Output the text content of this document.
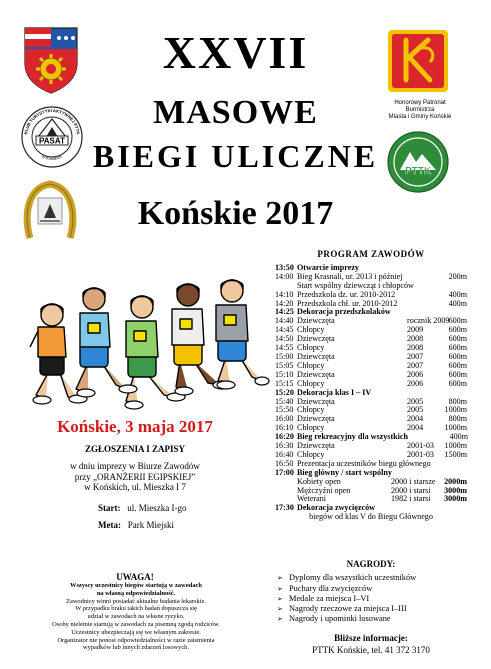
PASAT
KLUB TURYSTYKI AKTYWNEJ PTTK
w Końskich
Honorowy Patronat
Burmistrza
Miasta i Gminy Końskie
PTTK
XXVII
MASOWE
BIEGI ULICZNE
Końskie 2017
PROGRAM ZAWODÓW
13:50 Otwarcie imprezy
14:00 Bieg Krasnali, ur. 2013 i później	200m
Start wspólny dziewcząt i chłopców
14:10 Przedszkola dz. ur. 2010-2012	400m
14:20 Przedszkola chł. ur. 2010-2012	400m
14:25 Dekoracja przedszkolaków
14:40 Dziewczęta	rocznik 2009 600m
14:45 Chłopcy	2009	600m
14:50 Dziewczęta	2008	600m
14:55 Chłopcy	2008	600m
15:00 Dziewczęta	2007	600m
15:05 Chłopcy	2007	600m
15:10 Dziewczęta	2006	600m
15:15 Chłopcy	2006	600m
15:20 Dekoracja klas I – IV
15:40 Dziewczęta	2005	800m
15:50 Chłopcy	2005	1000m
16:00 Dziewczęta	2004	800m
16:10 Chłopcy	2004	1000m
16:20 Bieg rekreacyjny dla wszystkich	400m
16:30 Dziewczęta	2001-03	1000m
16:40 Chłopcy	2001-03	1500m
16:50 Prezentacja uczestników biegu głównego
17:00 Bieg główny / start wspólny
Kobiety open	2000 i starsze	2000m
Mężczyźni open	2000 i starsi	3000m
Weterani	1982 i starsi	3000m
17:30 Dekoracja zwycięzców
biegów od klas V do Biegu Głównego
NAGRODY:
➢ Dyplomy dla wszystkich uczestników
➢ Puchary dla zwycięzców
➢ Medale za miejsca I–VI
➢ Nagrody rzeczowe za miejsca I–III
➢ Nagrody i upominki losowane
Bliższe informacje:
PTTK Końskie, tel. 41 372 3170
Końskie, 3 maja 2017
ZGŁOSZENIA I ZAPISY
w dniu imprezy w Biurze Zawodów
przy „ORANŻERII EGIPSKIEJ”
w Końskich, ul. Mieszka I 7
Start: ul. Mieszka I-go
Meta: Park Miejski
UWAGA!
Wszyscy uczestnicy biegów startują w zawodach
na własną odpowiedzialność.
Zawodnicy winni posiadać aktualne badania lekarskie.
W przypadku braku takich badań dopuszcza się
udział w zawodach na własne ryzyko.
Osoby nieletnie startują w zawodach za pisemną zgodą rodziców.
Uczestnicy ubezpieczają się we własnym zakresie.
Organizator nie ponosi odpowiedzialności w razie zaistnienia
wypadków lub innych zdarzeń losowych.
